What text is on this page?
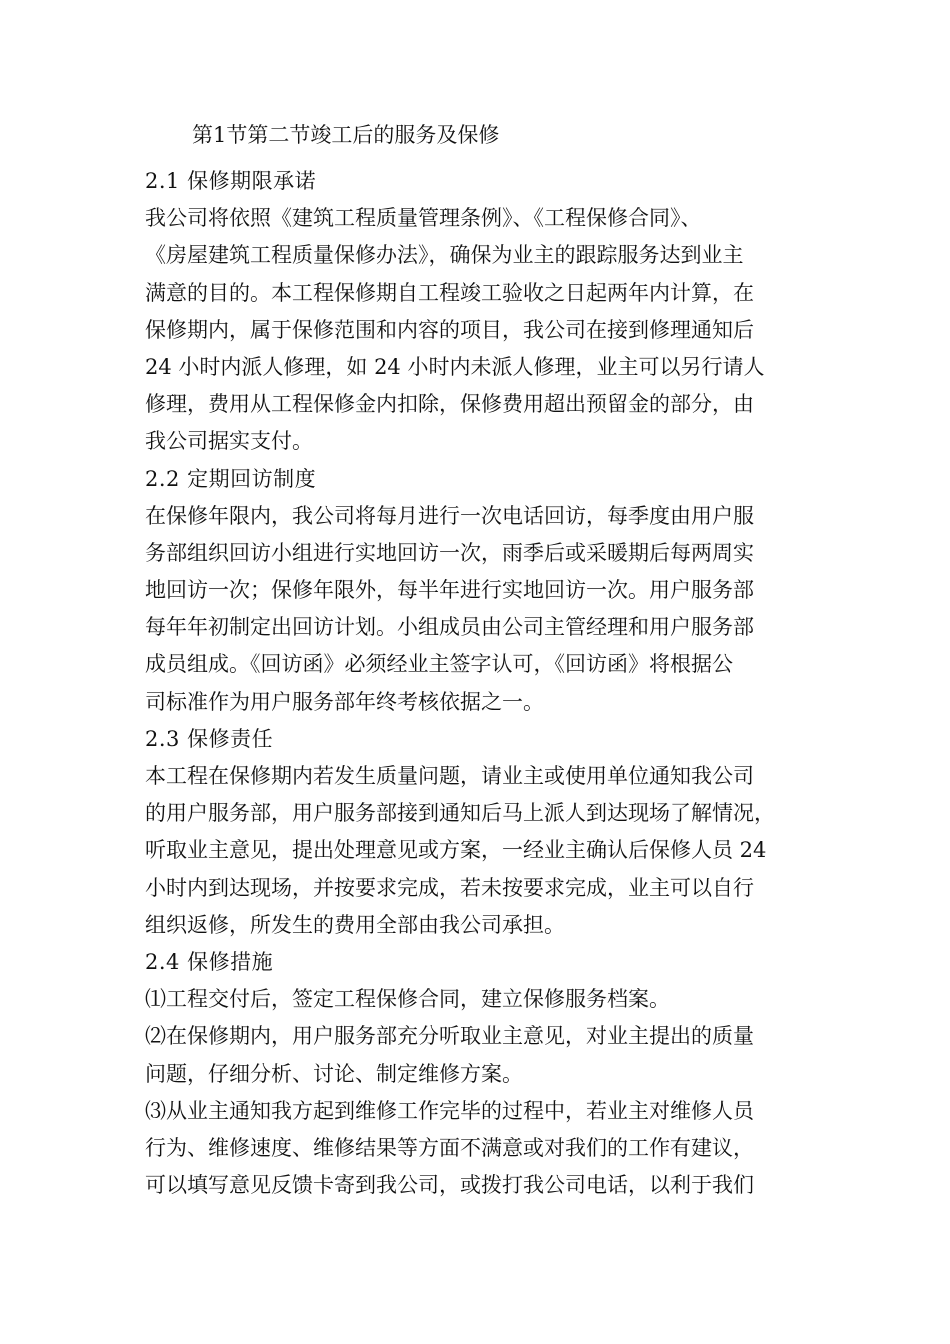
第1节第二节竣工后的服务及保修
2.1 保修期限承诺
我公司将依照《建筑工程质量管理条例》、《工程保修合同》、
《房屋建筑工程质量保修办法》，确保为业主的跟踪服务达到业主
满意的目的。本工程保修期自工程竣工验收之日起两年内计算，在
保修期内，属于保修范围和内容的项目，我公司在接到修理通知后
24 小时内派人修理，如 24 小时内未派人修理，业主可以另行请人
修理，费用从工程保修金内扣除，保修费用超出预留金的部分，由
我公司据实支付。
2.2 定期回访制度
在保修年限内，我公司将每月进行一次电话回访，每季度由用户服
务部组织回访小组进行实地回访一次，雨季后或采暖期后每两周实
地回访一次；保修年限外，每半年进行实地回访一次。用户服务部
每年年初制定出回访计划。小组成员由公司主管经理和用户服务部
成员组成。《回访函》必须经业主签字认可，《回访函》将根据公
司标准作为用户服务部年终考核依据之一。
2.3 保修责任
本工程在保修期内若发生质量问题，请业主或使用单位通知我公司
的用户服务部，用户服务部接到通知后马上派人到达现场了解情况，
听取业主意见，提出处理意见或方案，一经业主确认后保修人员 24
小时内到达现场，并按要求完成，若未按要求完成，业主可以自行
组织返修，所发生的费用全部由我公司承担。
2.4 保修措施
⑴工程交付后，签定工程保修合同，建立保修服务档案。
⑵在保修期内，用户服务部充分听取业主意见，对业主提出的质量
问题，仔细分析、讨论、制定维修方案。
⑶从业主通知我方起到维修工作完毕的过程中，若业主对维修人员
行为、维修速度、维修结果等方面不满意或对我们的工作有建议，
可以填写意见反馈卡寄到我公司，或拨打我公司电话，以利于我们
